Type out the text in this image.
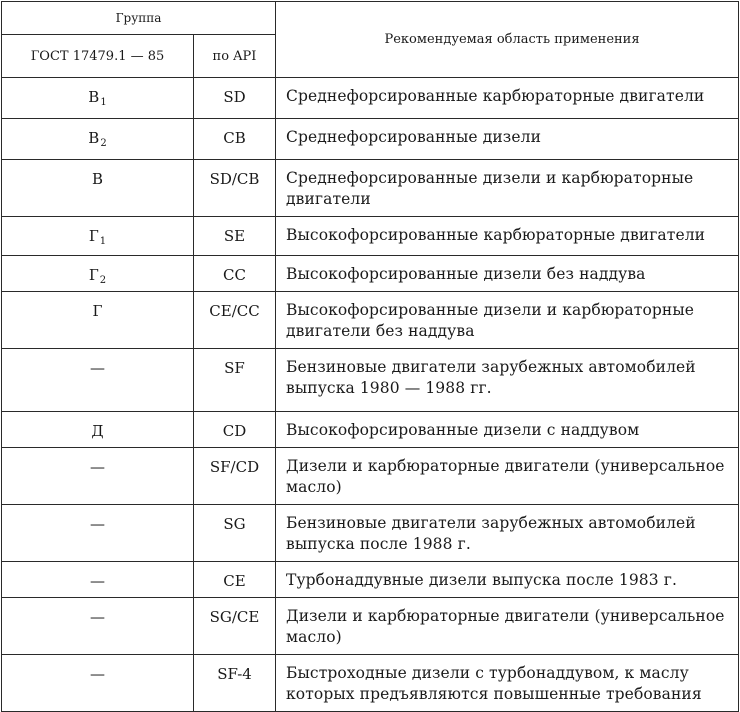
Группа		Рекомендуемая область применения
ГОСТ 17479.1 — 85	по API	
$В_1$	SD	Среднефорсированные карбюраторные двигатели
$В_2$	CB	Среднефорсированные дизели
В	SD/CB	Среднефорсированные дизели и карбюраторные двигатели
$Г_1$	SE	Высокофорсированные карбюраторные двигатели
$Г_2$	CC	Высокофорсированные дизели без наддува
Г	CE/CC	Высокофорсированные дизели и карбюраторные двигатели без наддува
—	SF	Бензиновые двигатели зарубежных автомобилей выпуска 1980 — 1988 гг.
Д	CD	Высокофорсированные дизели с наддувом
—	SF/CD	Дизели и карбюраторные двигатели (универсальное масло)
—	SG	Бензиновые двигатели зарубежных автомобилей выпуска после 1988 г.
—	CE	Турбонаддувные дизели выпуска после 1983 г.
—	SG/CE	Дизели и карбюраторные двигатели (универсальное масло)
—	SF-4	Быстроходные дизели с турбонаддувом, к маслу которых предъявляются повышенные требования
